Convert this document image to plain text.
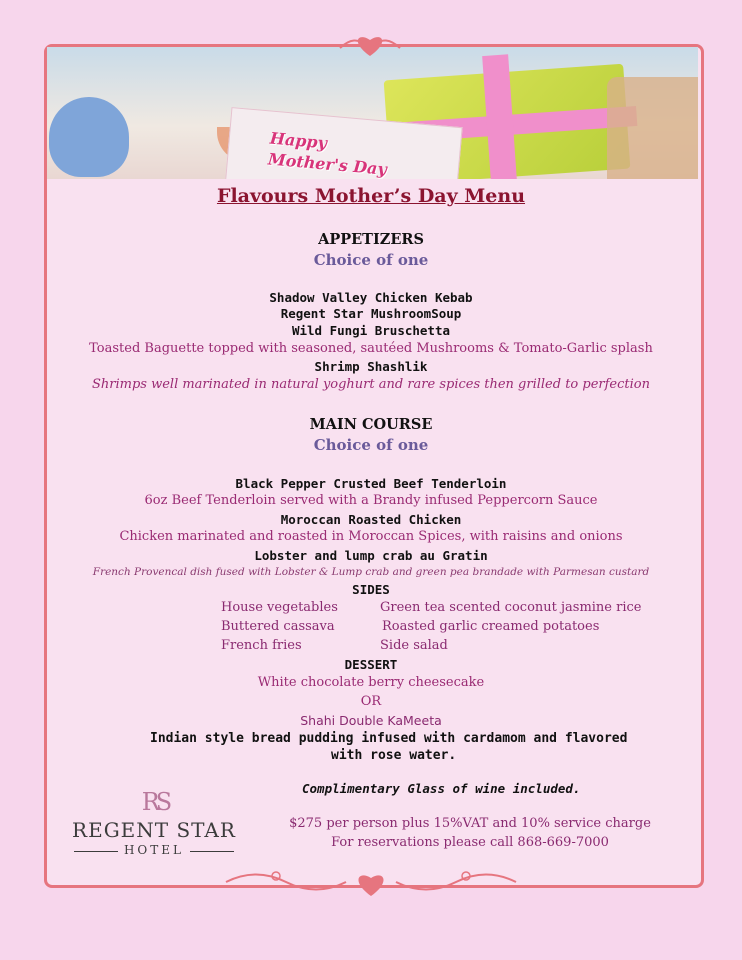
Happy
Mother's Day
Flavours Mother’s Day Menu
APPETIZERS
Choice of one
Shadow Valley Chicken Kebab
Regent Star MushroomSoup
Wild Fungi Bruschetta
Toasted Baguette topped with seasoned, sautéed Mushrooms & Tomato-Garlic splash
Shrimp Shashlik
Shrimps well marinated in natural yoghurt and rare spices then grilled to perfection
MAIN COURSE
Choice of one
Black Pepper Crusted Beef Tenderloin
6oz Beef Tenderloin served with a Brandy infused Peppercorn Sauce
Moroccan Roasted Chicken
Chicken marinated and roasted in Moroccan Spices, with raisins and onions
Lobster and lump crab au Gratin
French Provencal dish fused with Lobster & Lump crab and green pea brandade with Parmesan custard
SIDES
House vegetables
Buttered cassava
French fries
Green tea scented coconut jasmine rice
Roasted garlic creamed potatoes
Side salad
DESSERT
White chocolate berry cheesecake
OR
Shahi Double KaMeeta
Indian style bread pudding infused with cardamom and flavored
with rose water.
Complimentary Glass of wine included.
$275 per person plus 15%VAT and 10% service charge
For reservations please call 868-669-7000
RS
REGENT STAR
HOTEL
